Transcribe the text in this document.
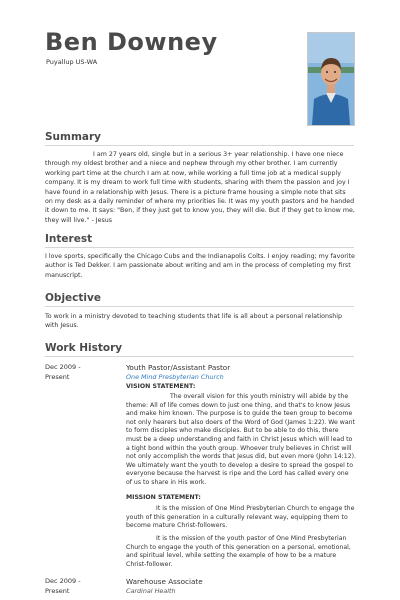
Ben Downey
Puyallup US-WA
Summary

I am 27 years old, single but in a serious 3+ year relationship. I have one niece through my oldest brother and a niece and nephew through my other brother. I am currently working part time at the church I am at now, while working a full time job at a medical supply company. It is my dream to work full time with students, sharing with them the passion and joy I have found in a relationship with Jesus. There is a picture frame housing a simple note that sits on my desk as a daily reminder of where my priorities lie. It was my youth pastors and he handed it down to me. It says: "Ben, if they just get to know you, they will die. But if they get to know me, they will live." - Jesus

Interest

I love sports, specifically the Chicago Cubs and the Indianapolis Colts. I enjoy reading; my favorite author is Ted Dekker. I am passionate about writing and am in the process of completing my first manuscript.

Objective

To work in a ministry devoted to teaching students that life is all about a personal relationship with Jesus.

Work History
Dec 2009 -
Present
Youth Pastor/Assistant Pastor
One Mind Presbyterian Church
VISION STATEMENT:

The overall vision for this youth ministry will abide by the theme: All of life comes down to just one thing, and that's to know Jesus and make him known. The purpose is to guide the teen group to become not only hearers but also doers of the Word of God (James 1:22). We want to form disciples who make disciples. But to be able to do this, there must be a deep understanding and faith in Christ Jesus which will lead to a tight bond within the youth group. Whoever truly believes in Christ will not only accomplish the words that Jesus did, but even more (John 14:12). We ultimately want the youth to develop a desire to spread the gospel to everyone because the harvest is ripe and the Lord has called every one of us to share in His work.

MISSION STATEMENT:

It is the mission of One Mind Presbyterian Church to engage the youth of this generation in a culturally relevant way, equipping them to become mature Christ-followers.

It is the mission of the youth pastor of One Mind Presbyterian Church to engage the youth of this generation on a personal, emotional, and spiritual level, while setting the example of how to be a mature Christ-follower.

Dec 2009 -
Present
Warehouse Associate
Cardinal Health
